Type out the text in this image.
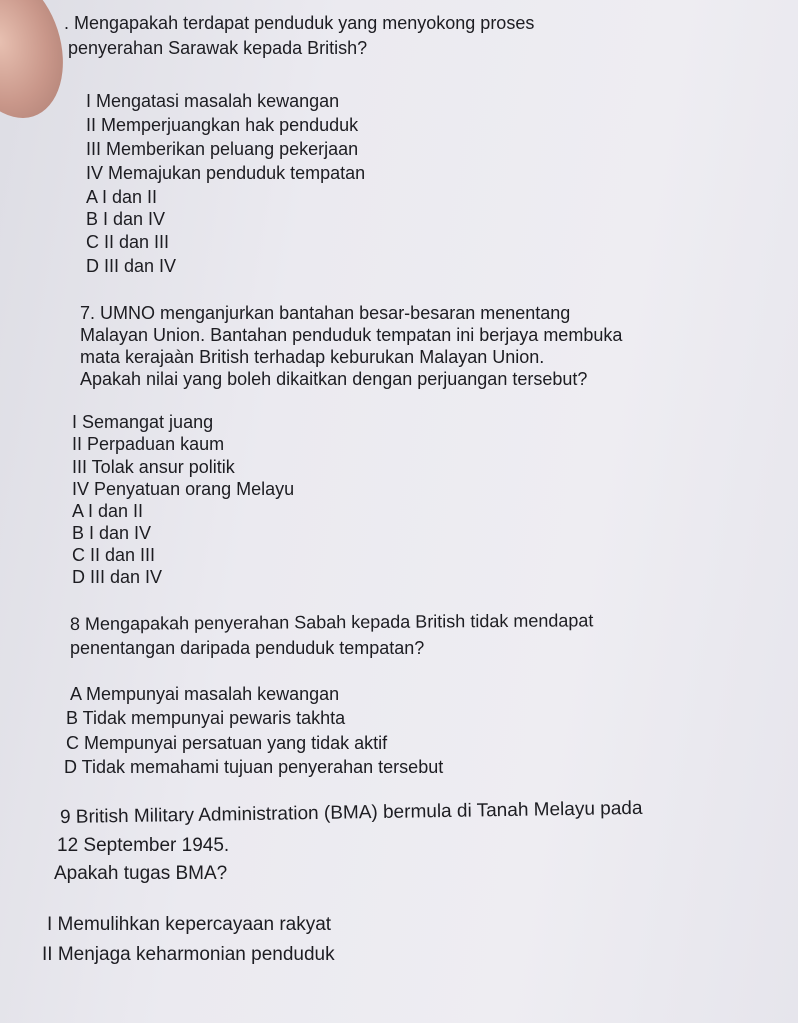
. Mengapakah terdapat penduduk yang menyokong proses
penyerahan Sarawak kepada British?
I Mengatasi masalah kewangan
II Memperjuangkan hak penduduk
III Memberikan peluang pekerjaan
IV Memajukan penduduk tempatan
A I dan II
B I dan IV
C II dan III
D III dan IV
7. UMNO menganjurkan bantahan besar-besaran menentang
Malayan Union. Bantahan penduduk tempatan ini berjaya membuka
mata kerajaàn British terhadap keburukan Malayan Union.
Apakah nilai yang boleh dikaitkan dengan perjuangan tersebut?
I Semangat juang
II Perpaduan kaum
III Tolak ansur politik
IV Penyatuan orang Melayu
A I dan II
B I dan IV
C II dan III
D III dan IV
8 Mengapakah penyerahan Sabah kepada British tidak mendapat
penentangan daripada penduduk tempatan?
A Mempunyai masalah kewangan
B Tidak mempunyai pewaris takhta
C Mempunyai persatuan yang tidak aktif
D Tidak memahami tujuan penyerahan tersebut
9 British Military Administration (BMA) bermula di Tanah Melayu pada
12 September 1945.
Apakah tugas BMA?
I Memulihkan kepercayaan rakyat
II Menjaga keharmonian penduduk
